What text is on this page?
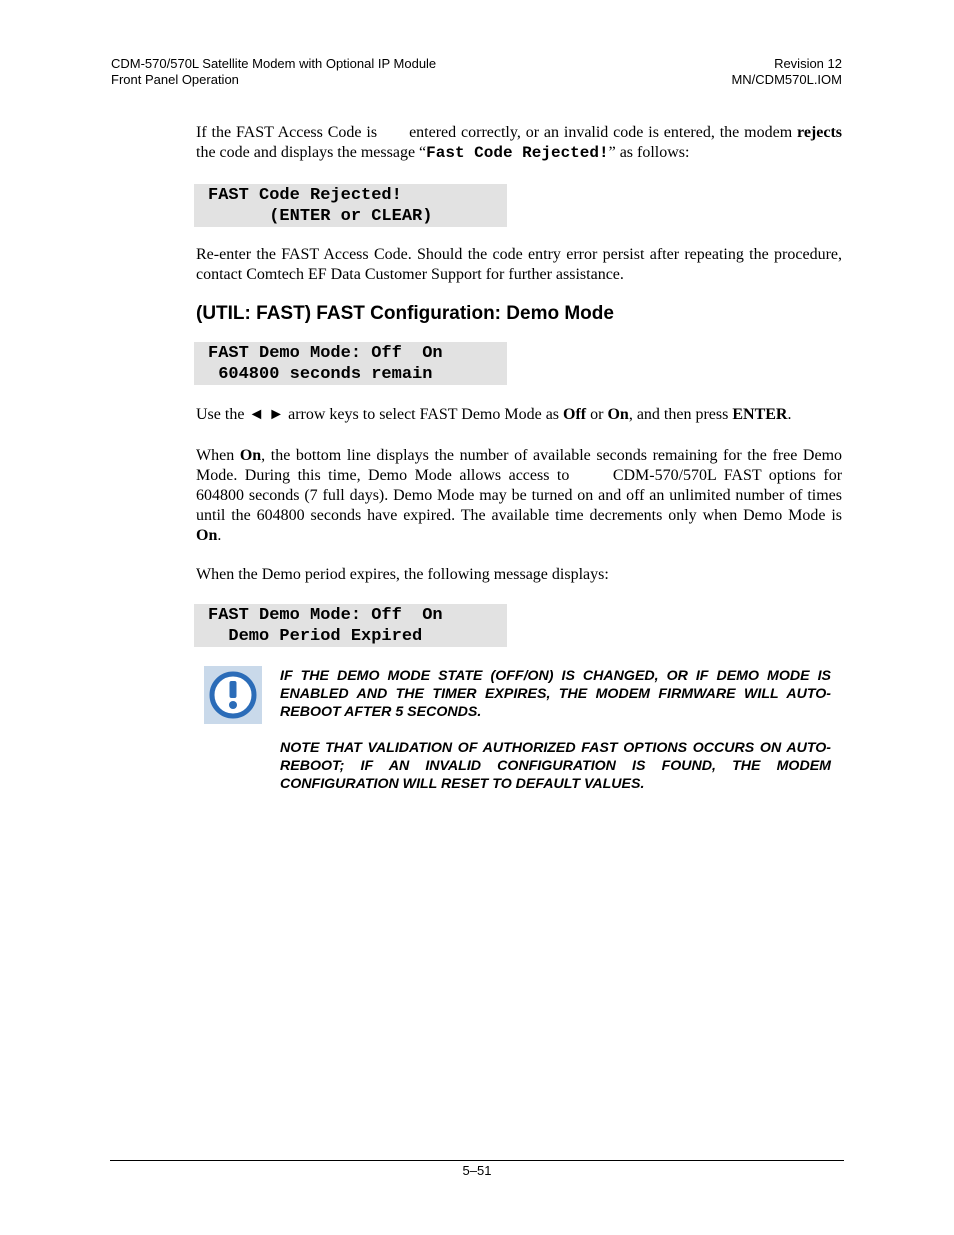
CDM-570/570L Satellite Modem with Optional IP Module
Front Panel Operation
Revision 12
MN/CDM570L.IOM

If the FAST Access Code is entered correctly, or an invalid code is entered, the modem rejects the code and displays the message “Fast Code Rejected!” as follows:

FAST Code Rejected!
(ENTER or CLEAR)

Re-enter the FAST Access Code. Should the code entry error persist after repeating the procedure, contact Comtech EF Data Customer Support for further assistance.

(UTIL: FAST) FAST Configuration: Demo Mode
FAST Demo Mode: Off  On
604800 seconds remain

Use the ◄ ► arrow keys to select FAST Demo Mode as Off or On, and then press ENTER.

When On, the bottom line displays the number of available seconds remaining for the free Demo Mode. During this time, Demo Mode allows access to	CDM-570/570L FAST options for 604800 seconds (7 full days). Demo Mode may be turned on and off an unlimited number of times until the 604800 seconds have expired. The available time decrements only when Demo Mode is On.

When the Demo period expires, the following message displays:

FAST Demo Mode: Off  On
Demo Period Expired
IF THE DEMO MODE STATE (OFF/ON) IS CHANGED, OR IF DEMO MODE IS ENABLED AND THE TIMER EXPIRES, THE MODEM FIRMWARE WILL AUTO-REBOOT AFTER 5 SECONDS.
NOTE THAT VALIDATION OF AUTHORIZED FAST OPTIONS OCCURS ON AUTO-REBOOT; IF AN INVALID CONFIGURATION IS FOUND, THE MODEM CONFIGURATION WILL RESET TO DEFAULT VALUES.
5–51
